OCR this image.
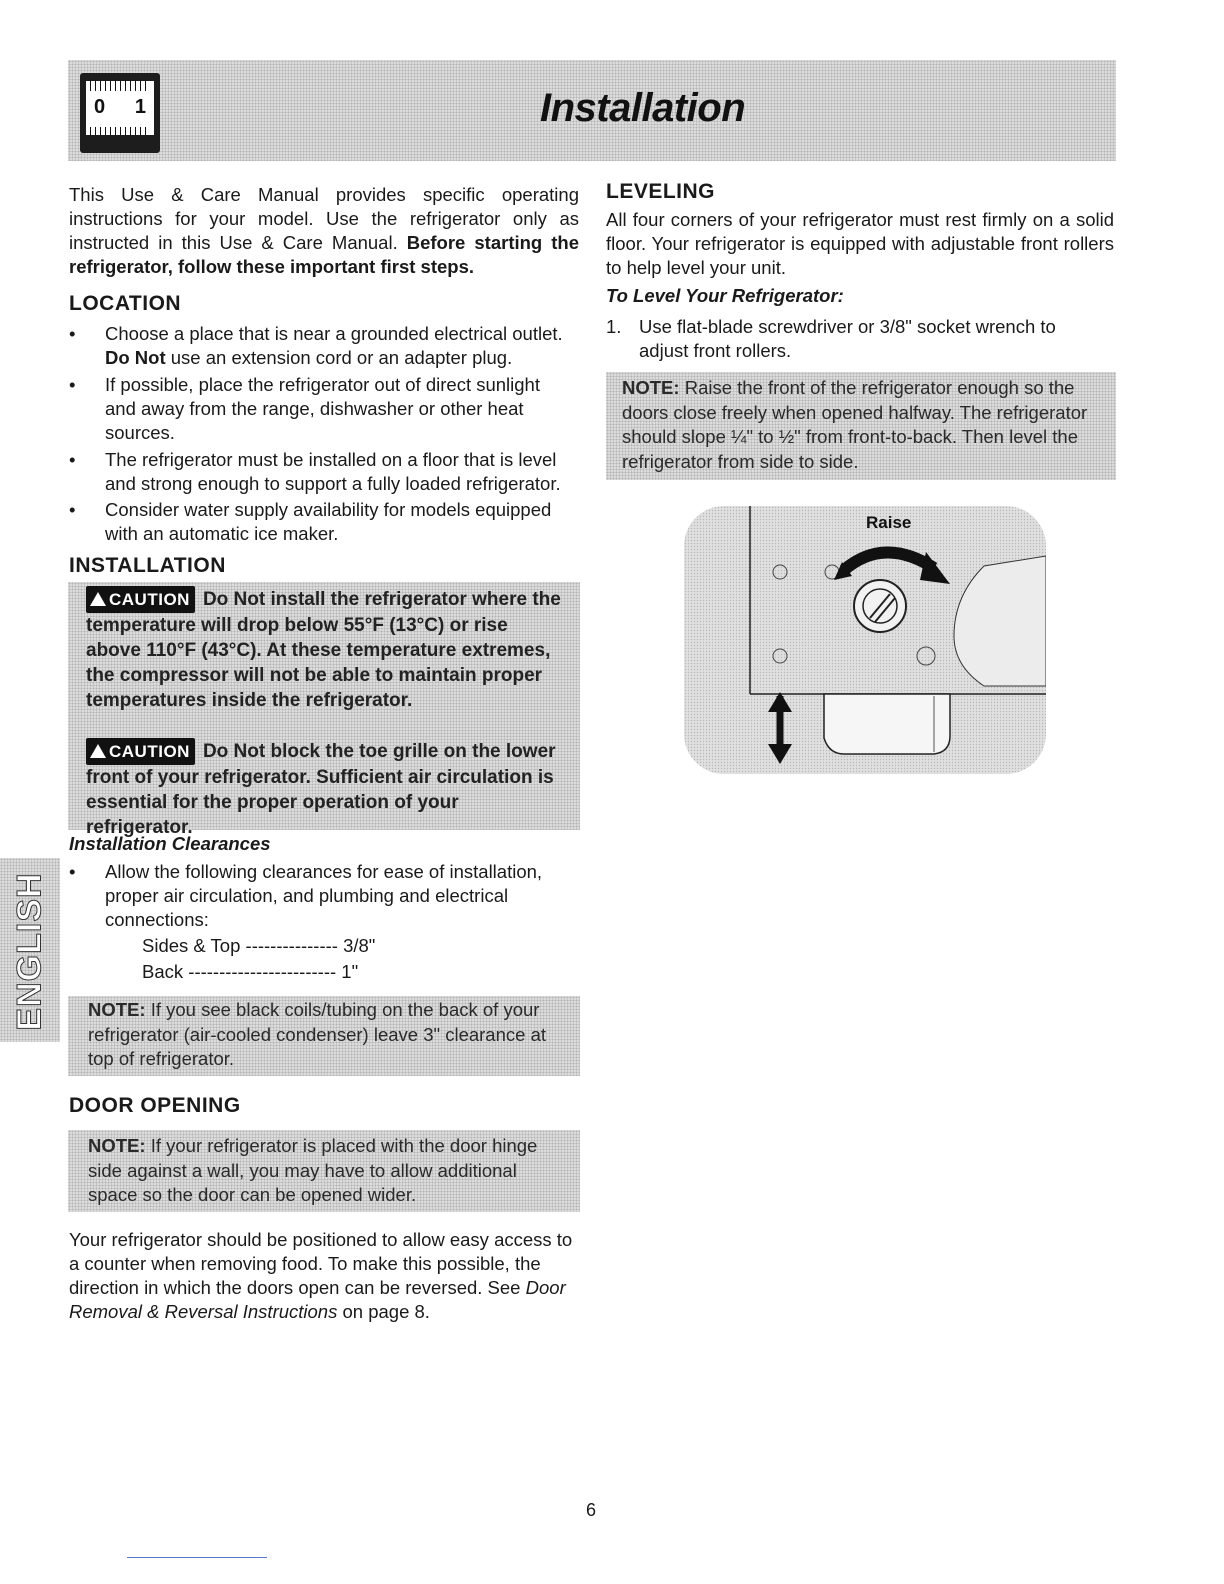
0 1	Installation
This Use & Care Manual provides specific operating instructions for your model. Use the refrigerator only as instructed in this Use & Care Manual. Before starting the refrigerator, follow these important first steps.
LOCATION
• Choose a place that is near a grounded electrical outlet.
Do Not use an extension cord or an adapter plug.
• If possible, place the refrigerator out of direct sunlight and away from the range, dishwasher or other heat sources.
• The refrigerator must be installed on a floor that is level and strong enough to support a fully loaded refrigerator.
• Consider water supply availability for models equipped with an automatic ice maker.
INSTALLATION
CAUTION Do Not install the refrigerator where the temperature will drop below 55°F (13°C) or rise above 110°F (43°C). At these temperature extremes, the compressor will not be able to maintain proper temperatures inside the refrigerator.
CAUTION Do Not block the toe grille on the lower front of your refrigerator. Sufficient air circulation is essential for the proper operation of your refrigerator.
Installation Clearances
• Allow the following clearances for ease of installation, proper air circulation, and plumbing and electrical connections:
Sides & Top --------------- 3/8"
Back ------------------------ 1"
NOTE: If you see black coils/tubing on the back of your refrigerator (air-cooled condenser) leave 3" clearance at top of refrigerator.
DOOR OPENING
NOTE: If your refrigerator is placed with the door hinge side against a wall, you may have to allow additional space so the door can be opened wider.
Your refrigerator should be positioned to allow easy access to a counter when removing food. To make this possible, the direction in which the doors open can be reversed. See Door Removal & Reversal Instructions on page 8.
LEVELING
All four corners of your refrigerator must rest firmly on a solid floor. Your refrigerator is equipped with adjustable front rollers to help level your unit.
To Level Your Refrigerator:
1. Use flat-blade screwdriver or 3/8" socket wrench to adjust front rollers.
NOTE: Raise the front of the refrigerator enough so the doors close freely when opened halfway. The refrigerator should slope ¼" to ½" from front-to-back. Then level the refrigerator from side to side.
Raise
ENGLISH
6
